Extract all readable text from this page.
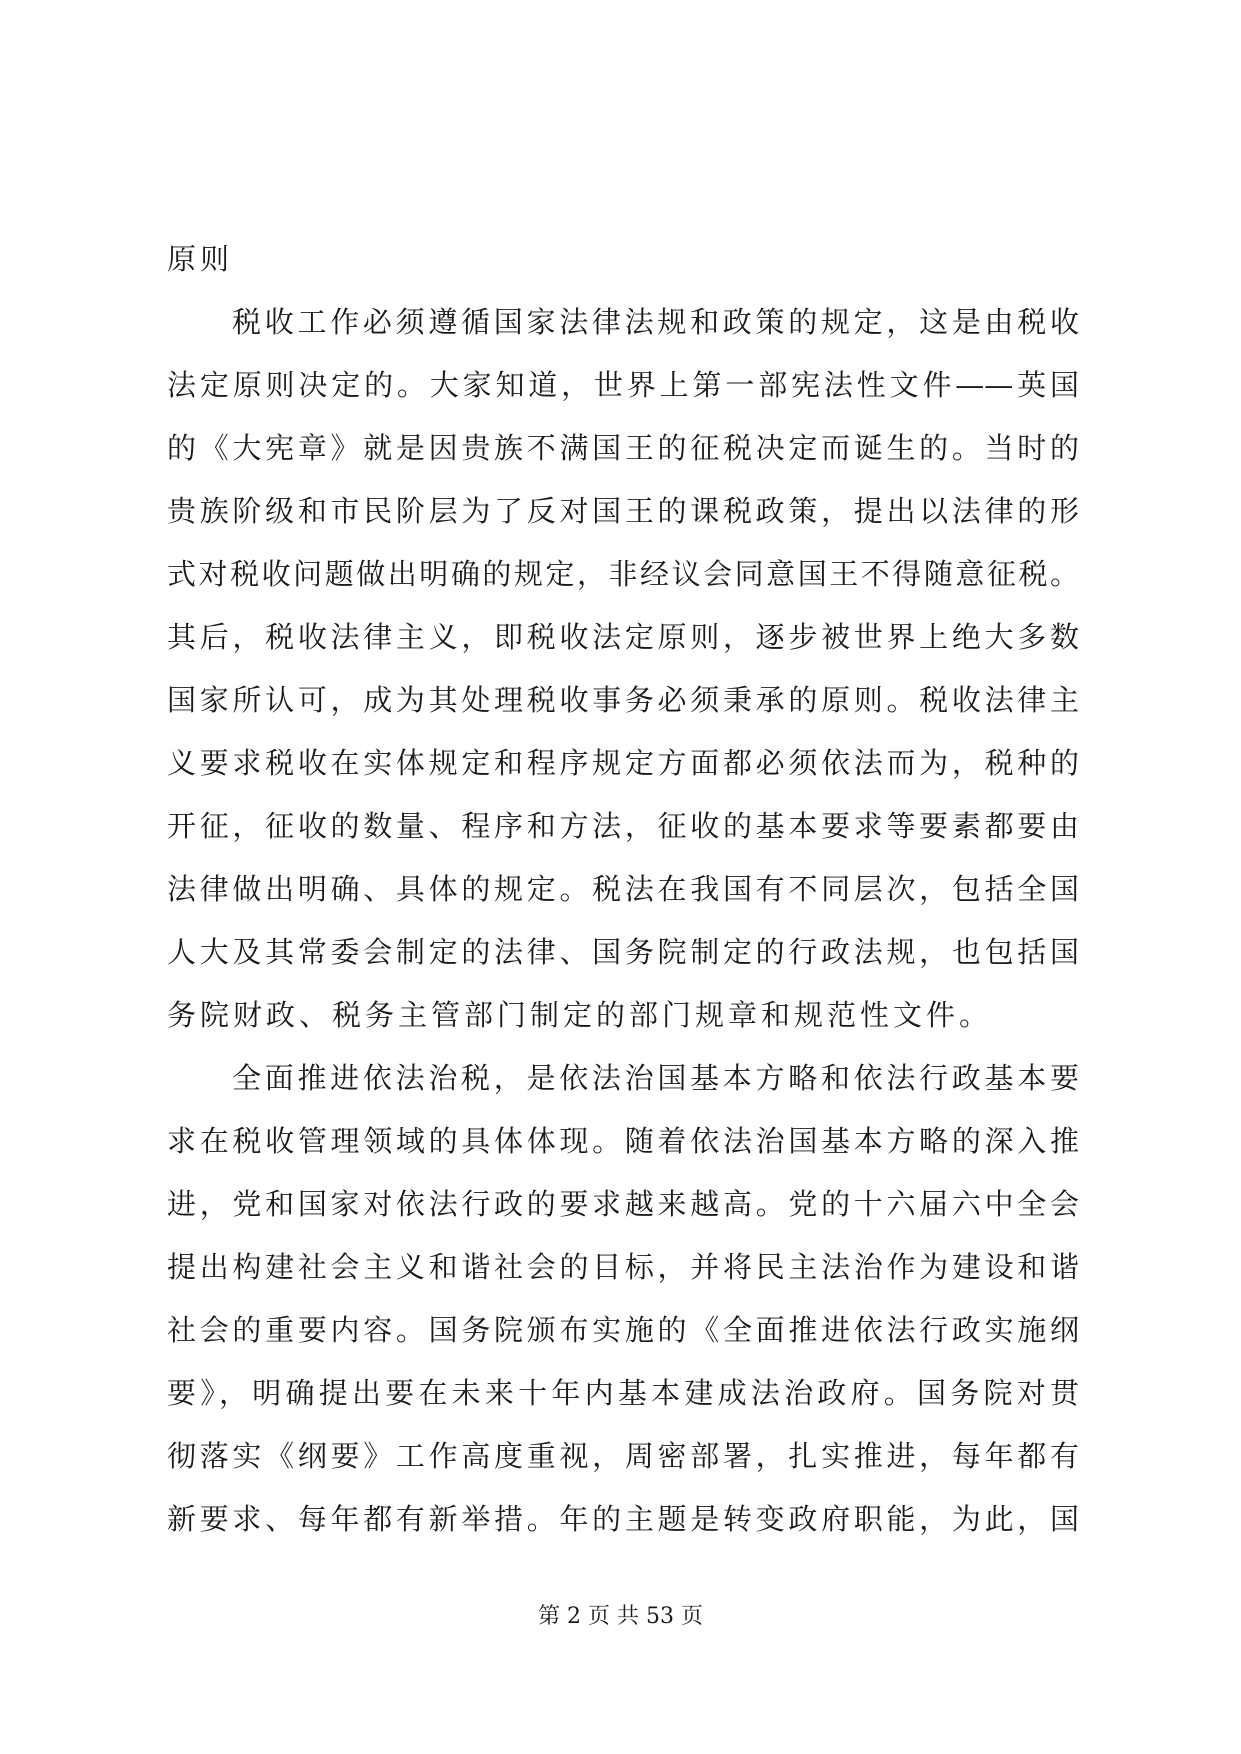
原则
税收工作必须遵循国家法律法规和政策的规定，这是由税收
法定原则决定的。大家知道，世界上第一部宪法性文件——英国
的《大宪章》就是因贵族不满国王的征税决定而诞生的。当时的
贵族阶级和市民阶层为了反对国王的课税政策，提出以法律的形
式对税收问题做出明确的规定，非经议会同意国王不得随意征税。
其后，税收法律主义，即税收法定原则，逐步被世界上绝大多数
国家所认可，成为其处理税收事务必须秉承的原则。税收法律主
义要求税收在实体规定和程序规定方面都必须依法而为，税种的
开征，征收的数量、程序和方法，征收的基本要求等要素都要由
法律做出明确、具体的规定。税法在我国有不同层次，包括全国
人大及其常委会制定的法律、国务院制定的行政法规，也包括国
务院财政、税务主管部门制定的部门规章和规范性文件。
全面推进依法治税，是依法治国基本方略和依法行政基本要
求在税收管理领域的具体体现。随着依法治国基本方略的深入推
进，党和国家对依法行政的要求越来越高。党的十六届六中全会
提出构建社会主义和谐社会的目标，并将民主法治作为建设和谐
社会的重要内容。国务院颁布实施的《全面推进依法行政实施纲
要》，明确提出要在未来十年内基本建成法治政府。国务院对贯
彻落实《纲要》工作高度重视，周密部署，扎实推进，每年都有
新要求、每年都有新举措。年的主题是转变政府职能，为此，国
第 2 页 共 53 页
